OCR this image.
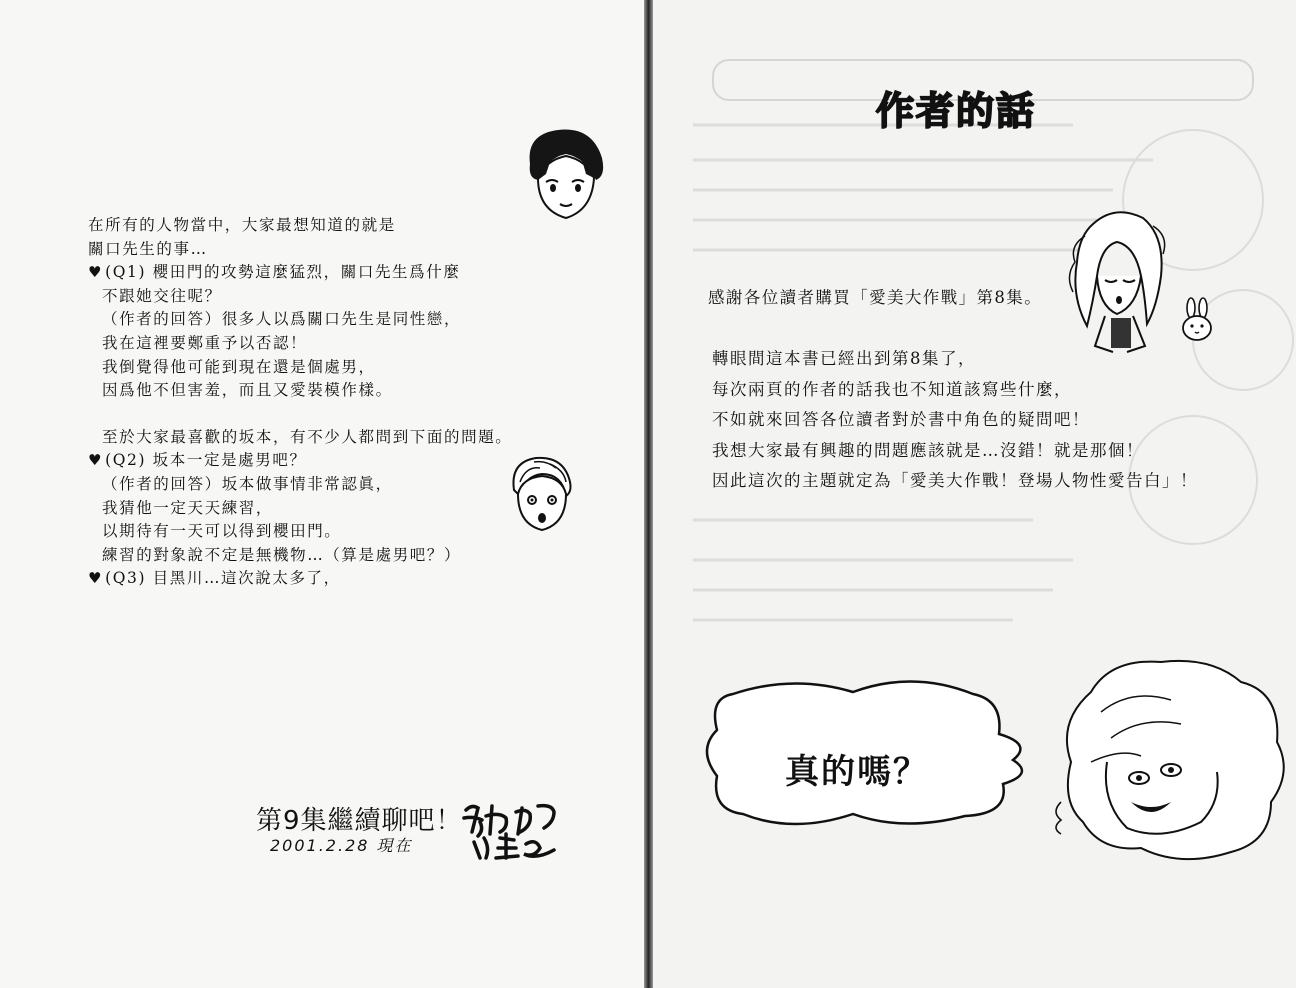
在所有的人物當中，大家最想知道的就是
關口先生的事…
♥ (Q1) 櫻田門的攻勢這麼猛烈，關口先生爲什麼
不跟她交往呢？
（作者的回答）很多人以爲關口先生是同性戀，
我在這裡要鄭重予以否認！
我倒覺得他可能到現在還是個處男，
因爲他不但害羞，而且又愛裝模作樣。
至於大家最喜歡的坂本，有不少人都問到下面的問題。
♥ (Q2) 坂本一定是處男吧？
（作者的回答）坂本做事情非常認眞，
我猜他一定天天練習，
以期待有一天可以得到櫻田門。
練習的對象說不定是無機物…（算是處男吧？）
♥ (Q3) 目黑川…這次說太多了，
第9集繼續聊吧！
2001.2.28 現在
真的嗎？
作者的話
感謝各位讀者購買「愛美大作戰」第8集。
轉眼間這本書已經出到第8集了，
每次兩頁的作者的話我也不知道該寫些什麼，
不如就來回答各位讀者對於書中角色的疑問吧！
我想大家最有興趣的問題應該就是…沒錯！就是那個！
因此這次的主題就定為「愛美大作戰！登場人物性愛告白」！
